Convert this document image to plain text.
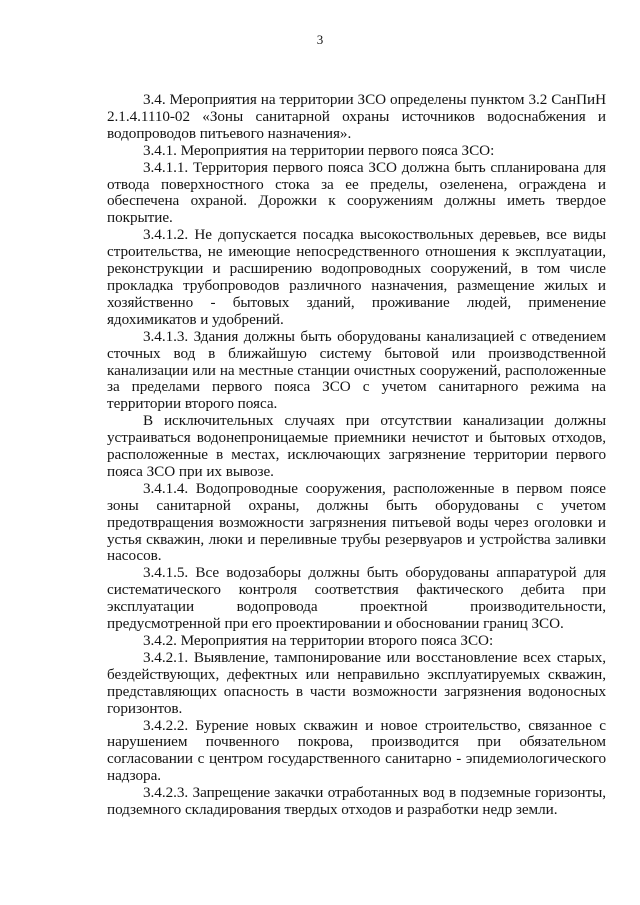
3

3.4. Мероприятия на территории ЗСО определены пунктом 3.2 СанПиН 2.1.4.1110-02 «Зоны санитарной охраны источников водоснабжения и водопроводов питьевого назначения».

3.4.1. Мероприятия на территории первого пояса ЗСО:

3.4.1.1. Территория первого пояса ЗСО должна быть спланирована для отвода поверхностного стока за ее пределы, озеленена, ограждена и обеспечена охраной. Дорожки к сооружениям должны иметь твердое покрытие.

3.4.1.2. Не допускается посадка высокоствольных деревьев, все виды строительства, не имеющие непосредственного отношения к эксплуатации, реконструкции и расширению водопроводных сооружений, в том числе прокладка трубопроводов различного назначения, размещение жилых и хозяйственно - бытовых зданий, проживание людей, применение ядохимикатов и удобрений.

3.4.1.3. Здания должны быть оборудованы канализацией с отведением сточных вод в ближайшую систему бытовой или производственной канализации или на местные станции очистных сооружений, расположенные за пределами первого пояса ЗСО с учетом санитарного режима на территории второго пояса.

В исключительных случаях при отсутствии канализации должны устраиваться водонепроницаемые приемники нечистот и бытовых отходов, расположенные в местах, исключающих загрязнение территории первого пояса ЗСО при их вывозе.

3.4.1.4. Водопроводные сооружения, расположенные в первом поясе зоны санитарной охраны, должны быть оборудованы с учетом предотвращения возможности загрязнения питьевой воды через оголовки и устья скважин, люки и переливные трубы резервуаров и устройства заливки насосов.

3.4.1.5. Все водозаборы должны быть оборудованы аппаратурой для систематического контроля соответствия фактического дебита при эксплуатации водопровода проектной производительности, предусмотренной при его проектировании и обосновании границ ЗСО.

3.4.2. Мероприятия на территории второго пояса ЗСО:

3.4.2.1. Выявление, тампонирование или восстановление всех старых, бездействующих, дефектных или неправильно эксплуатируемых скважин, представляющих опасность в части возможности загрязнения водоносных горизонтов.

3.4.2.2. Бурение новых скважин и новое строительство, связанное с нарушением почвенного покрова, производится при обязательном согласовании с центром государственного санитарно - эпидемиологического надзора.

3.4.2.3. Запрещение закачки отработанных вод в подземные горизонты, подземного складирования твердых отходов и разработки недр земли.
